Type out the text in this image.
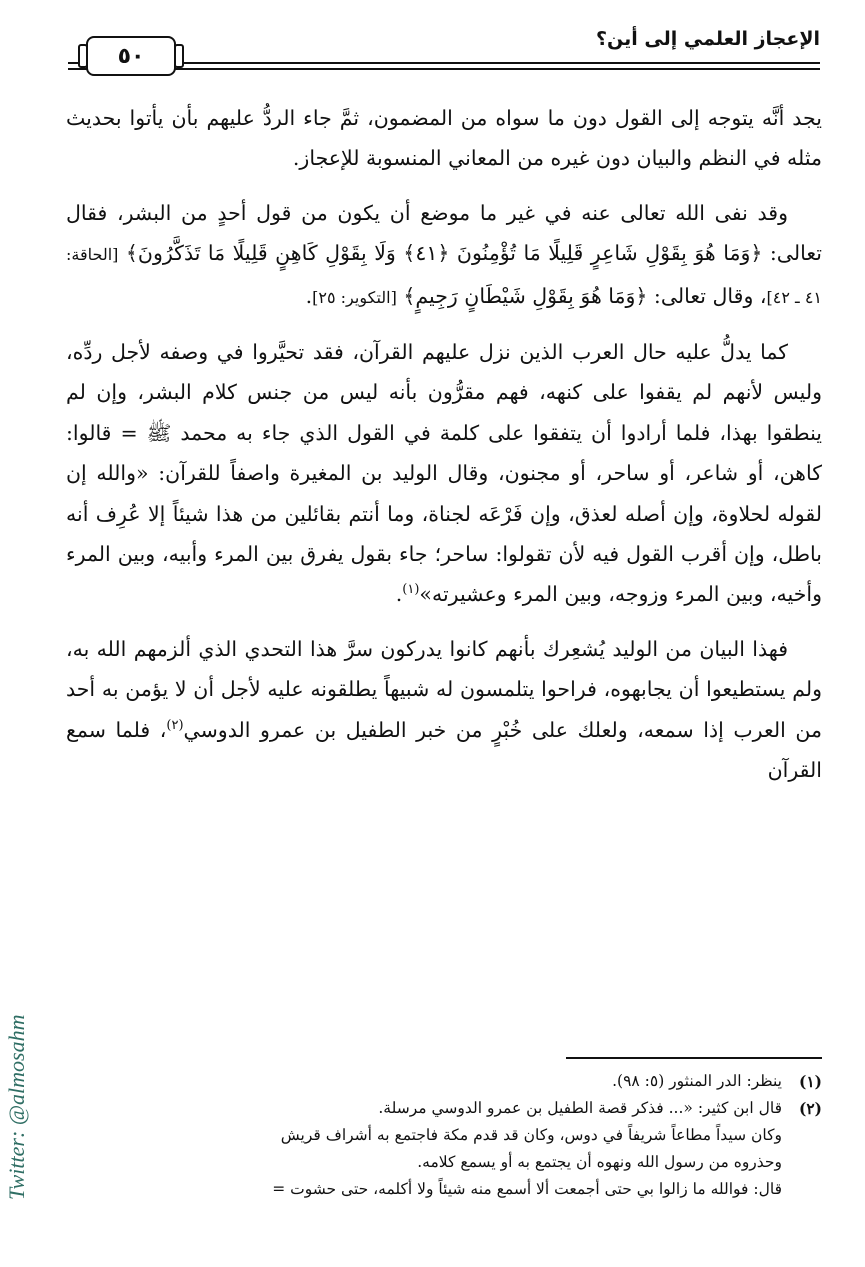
الإعجاز العلمي إلى أين؟
٥٠

يجد أنَّه يتوجه إلى القول دون ما سواه من المضمون، ثمَّ جاء الردُّ عليهم بأن يأتوا بحديث مثله في النظم والبيان دون غيره من المعاني المنسوبة للإعجاز.

وقد نفى الله تعالى عنه في غير ما موضع أن يكون من قول أحدٍ من البشر، فقال تعالى: ﴿وَمَا هُوَ بِقَوْلِ شَاعِرٍ قَلِيلًا مَا تُؤْمِنُونَ ﴿٤١﴾ وَلَا بِقَوْلِ كَاهِنٍ قَلِيلًا مَا تَذَكَّرُونَ﴾ [الحاقة: ٤١ ـ ٤٢]، وقال تعالى: ﴿وَمَا هُوَ بِقَوْلِ شَيْطَانٍ رَجِيمٍ﴾ [التكوير: ٢٥].

كما يدلُّ عليه حال العرب الذين نزل عليهم القرآن، فقد تحيَّروا في وصفه لأجل ردِّه، وليس لأنهم لم يقفوا على كنهه، فهم مقرُّون بأنه ليس من جنس كلام البشر، وإن لم ينطقوا بهذا، فلما أرادوا أن يتفقوا على كلمة في القول الذي جاء به محمد ﷺ = قالوا: كاهن، أو شاعر، أو ساحر، أو مجنون، وقال الوليد بن المغيرة واصفاً للقرآن: «والله إن لقوله لحلاوة، وإن أصله لعذق، وإن فَرْعَه لجناة، وما أنتم بقائلين من هذا شيئاً إلا عُرِف أنه باطل، وإن أقرب القول فيه لأن تقولوا: ساحر؛ جاء بقول يفرق بين المرء وأبيه، وبين المرء وأخيه، وبين المرء وزوجه، وبين المرء وعشيرته»$^{(١)}$.

فهذا البيان من الوليد يُشعِرك بأنهم كانوا يدركون سرَّ هذا التحدي الذي ألزمهم الله به، ولم يستطيعوا أن يجابهوه، فراحوا يتلمسون له شبيهاً يطلقونه عليه لأجل أن لا يؤمن به أحد من العرب إذا سمعه، ولعلك على خُبْرٍ من خبر الطفيل بن عمرو الدوسي$^{(٢)}$، فلما سمع القرآن

(١)
ينظر: الدر المنثور (٥: ٩٨).
(٢)
قال ابن كثير: «... فذكر قصة الطفيل بن عمرو الدوسي مرسلة.
وكان سيداً مطاعاً شريفاً في دوس، وكان قد قدم مكة فاجتمع به أشراف قريش
وحذروه من رسول الله ونهوه أن يجتمع به أو يسمع كلامه.
قال: فوالله ما زالوا بي حتى أجمعت ألا أسمع منه شيئاً ولا أكلمه، حتى حشوت =
Twitter: @almosahm
